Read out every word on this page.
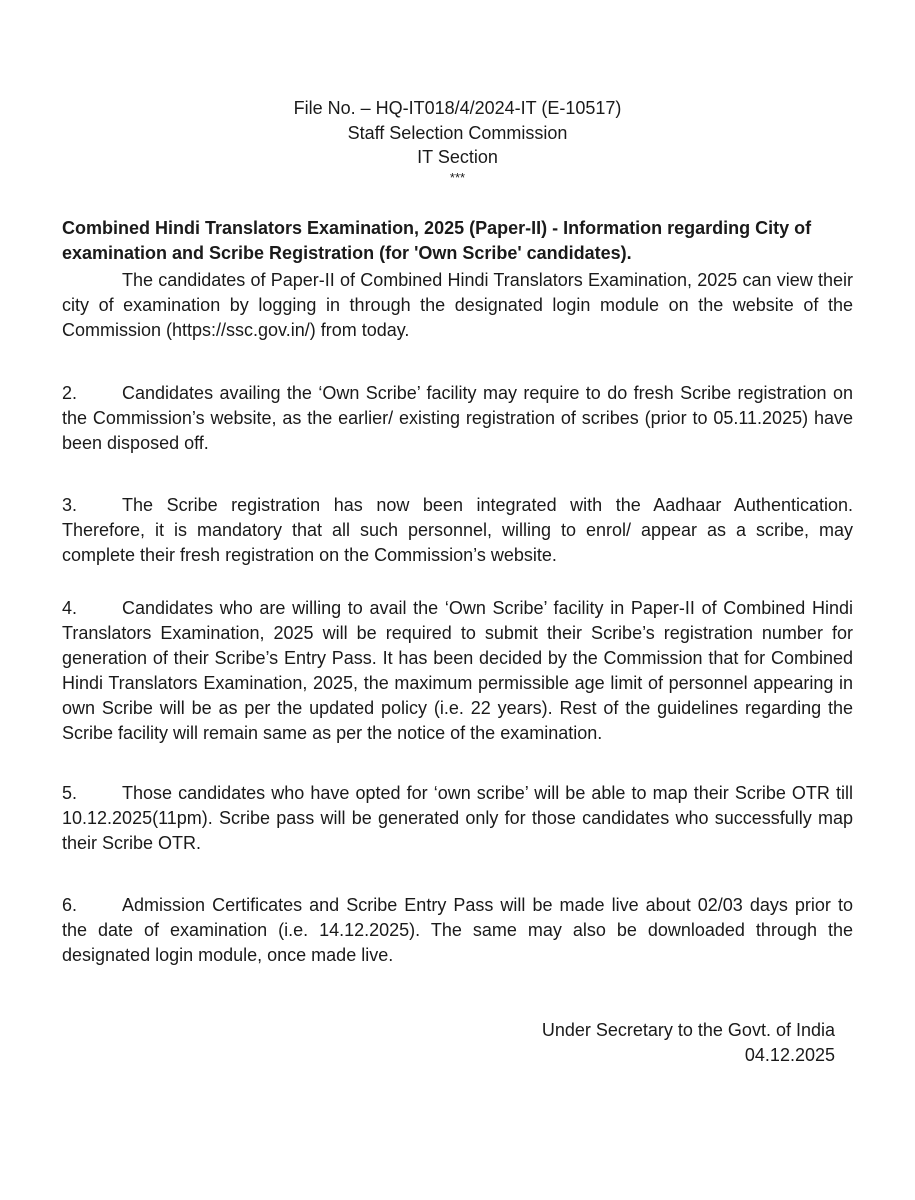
File No. – HQ-IT018/4/2024-IT (E-10517)
Staff Selection Commission
IT Section
***
Combined Hindi Translators Examination, 2025 (Paper-II) - Information regarding City of examination and Scribe Registration (for 'Own Scribe' candidates).
The candidates of Paper-II of Combined Hindi Translators Examination, 2025 can view their city of examination by logging in through the designated login module on the website of the Commission (https://ssc.gov.in/) from today.
2. Candidates availing the ‘Own Scribe’ facility may require to do fresh Scribe registration on the Commission’s website, as the earlier/ existing registration of scribes (prior to 05.11.2025) have been disposed off.
3. The Scribe registration has now been integrated with the Aadhaar Authentication. Therefore, it is mandatory that all such personnel, willing to enrol/ appear as a scribe, may complete their fresh registration on the Commission’s website.
4. Candidates who are willing to avail the ‘Own Scribe’ facility in Paper-II of Combined Hindi Translators Examination, 2025 will be required to submit their Scribe’s registration number for generation of their Scribe’s Entry Pass. It has been decided by the Commission that for Combined Hindi Translators Examination, 2025, the maximum permissible age limit of personnel appearing in own Scribe will be as per the updated policy (i.e. 22 years). Rest of the guidelines regarding the Scribe facility will remain same as per the notice of the examination.
5. Those candidates who have opted for ‘own scribe’ will be able to map their Scribe OTR till 10.12.2025(11pm). Scribe pass will be generated only for those candidates who successfully map their Scribe OTR.
6. Admission Certificates and Scribe Entry Pass will be made live about 02/03 days prior to the date of examination (i.e. 14.12.2025). The same may also be downloaded through the designated login module, once made live.
Under Secretary to the Govt. of India
04.12.2025
